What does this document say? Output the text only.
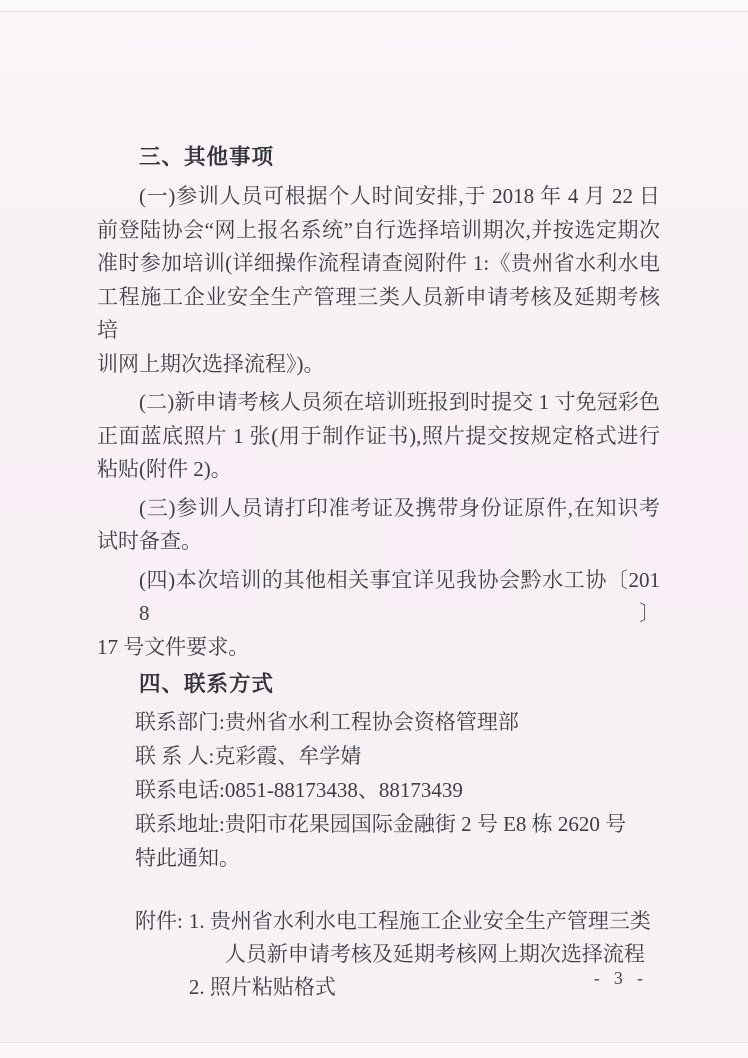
三、其他事项
(一)参训人员可根据个人时间安排,于 2018 年 4 月 22 日
前登陆协会“网上报名系统”自行选择培训期次,并按选定期次
准时参加培训(详细操作流程请查阅附件 1:《贵州省水利水电
工程施工企业安全生产管理三类人员新申请考核及延期考核培
训网上期次选择流程》)。
(二)新申请考核人员须在培训班报到时提交 1 寸免冠彩色
正面蓝底照片 1 张(用于制作证书),照片提交按规定格式进行
粘贴(附件 2)。
(三)参训人员请打印准考证及携带身份证原件,在知识考
试时备查。
(四)本次培训的其他相关事宜详见我协会黔水工协〔2018〕
17 号文件要求。
四、联系方式
联系部门:贵州省水利工程协会资格管理部
联 系 人:克彩霞、牟学婧
联系电话:0851-88173438、88173439
联系地址:贵阳市花果园国际金融街 2 号 E8 栋 2620 号
特此通知。
附件: 1. 贵州省水利水电工程施工企业安全生产管理三类
人员新申请考核及延期考核网上期次选择流程
2. 照片粘贴格式	- 3 -
